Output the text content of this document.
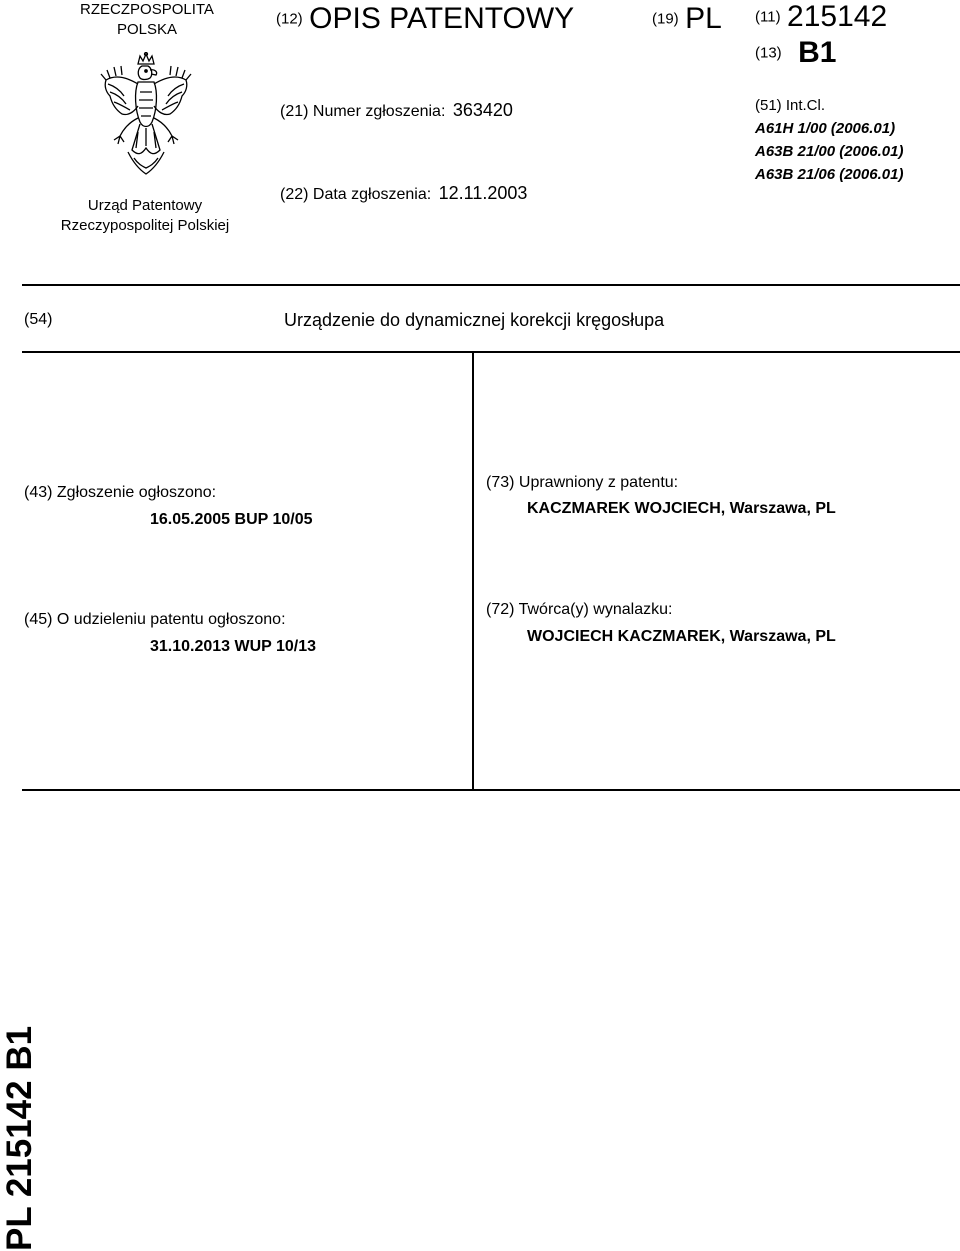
RZECZPOSPOLITA POLSKA
Urząd Patentowy Rzeczypospolitej Polskiej
(12) OPIS PATENTOWY	(19) PL
(21) Numer zgłoszenia: 363420
(22) Data zgłoszenia: 12.11.2003
(11) 215142
(13) B1
(51) Int.Cl.
A61H 1/00 (2006.01)
A63B 21/00 (2006.01)
A63B 21/06 (2006.01)
(54)	Urządzenie do dynamicznej korekcji kręgosłupa
(43) Zgłoszenie ogłoszono:
16.05.2005 BUP 10/05
(73) Uprawniony z patentu:
KACZMAREK WOJCIECH, Warszawa, PL
(45) O udzieleniu patentu ogłoszono:
31.10.2013 WUP 10/13
(72) Twórca(y) wynalazku:
WOJCIECH KACZMAREK, Warszawa, PL
PL 215142 B1
